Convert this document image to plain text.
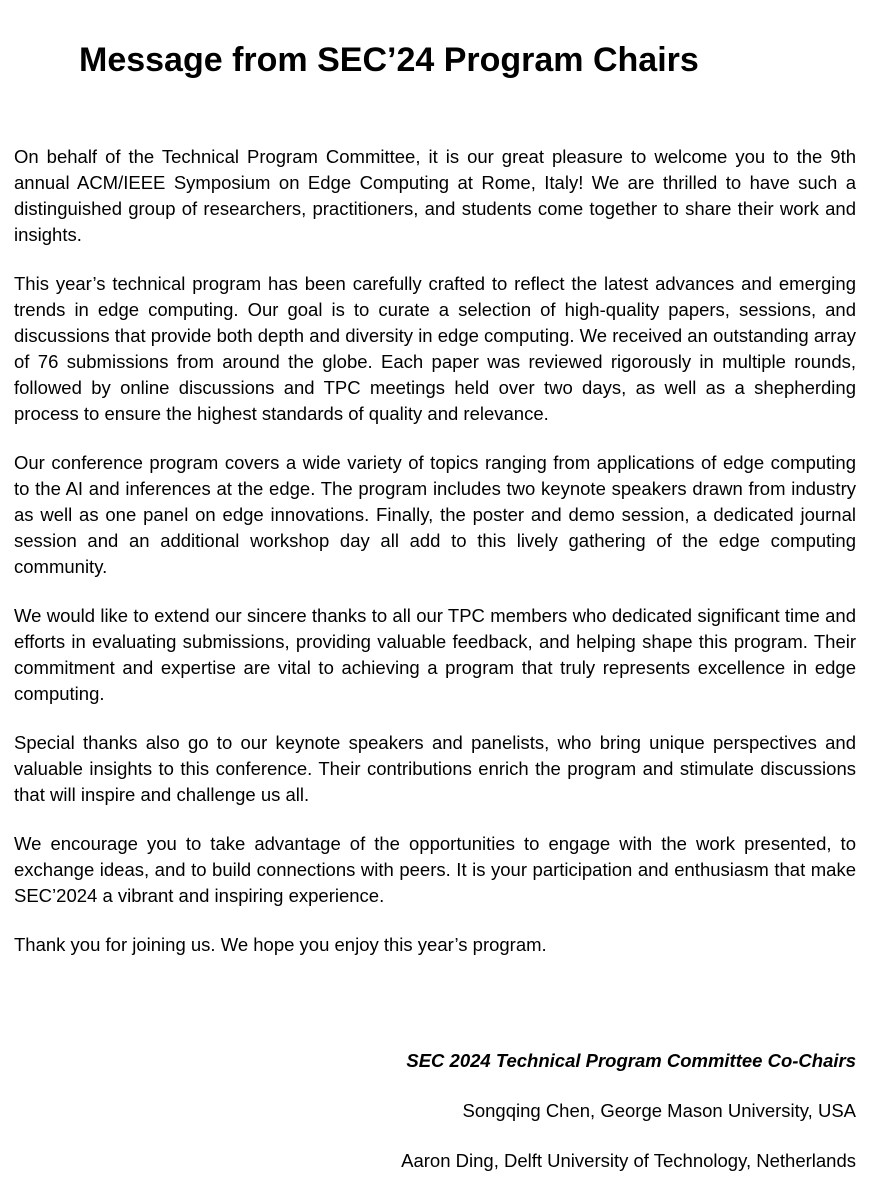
Message from SEC’24 Program Chairs

On behalf of the Technical Program Committee, it is our great pleasure to welcome you to the 9th annual ACM/IEEE Symposium on Edge Computing at Rome, Italy! We are thrilled to have such a distinguished group of researchers, practitioners, and students come together to share their work and insights.

This year’s technical program has been carefully crafted to reflect the latest advances and emerging trends in edge computing. Our goal is to curate a selection of high-quality papers, sessions, and discussions that provide both depth and diversity in edge computing. We received an outstanding array of 76 submissions from around the globe. Each paper was reviewed rigorously in multiple rounds, followed by online discussions and TPC meetings held over two days, as well as a shepherding process to ensure the highest standards of quality and relevance.

Our conference program covers a wide variety of topics ranging from applications of edge computing to the AI and inferences at the edge. The program includes two keynote speakers drawn from industry as well as one panel on edge innovations. Finally, the poster and demo session, a dedicated journal session and an additional workshop day all add to this lively gathering of the edge computing community.

We would like to extend our sincere thanks to all our TPC members who dedicated significant time and efforts in evaluating submissions, providing valuable feedback, and helping shape this program. Their commitment and expertise are vital to achieving a program that truly represents excellence in edge computing.

Special thanks also go to our keynote speakers and panelists, who bring unique perspectives and valuable insights to this conference. Their contributions enrich the program and stimulate discussions that will inspire and challenge us all.

We encourage you to take advantage of the opportunities to engage with the work presented, to exchange ideas, and to build connections with peers. It is your participation and enthusiasm that make SEC’2024 a vibrant and inspiring experience.

Thank you for joining us. We hope you enjoy this year’s program.

SEC 2024 Technical Program Committee Co-Chairs
Songqing Chen, George Mason University, USA
Aaron Ding, Delft University of Technology, Netherlands
